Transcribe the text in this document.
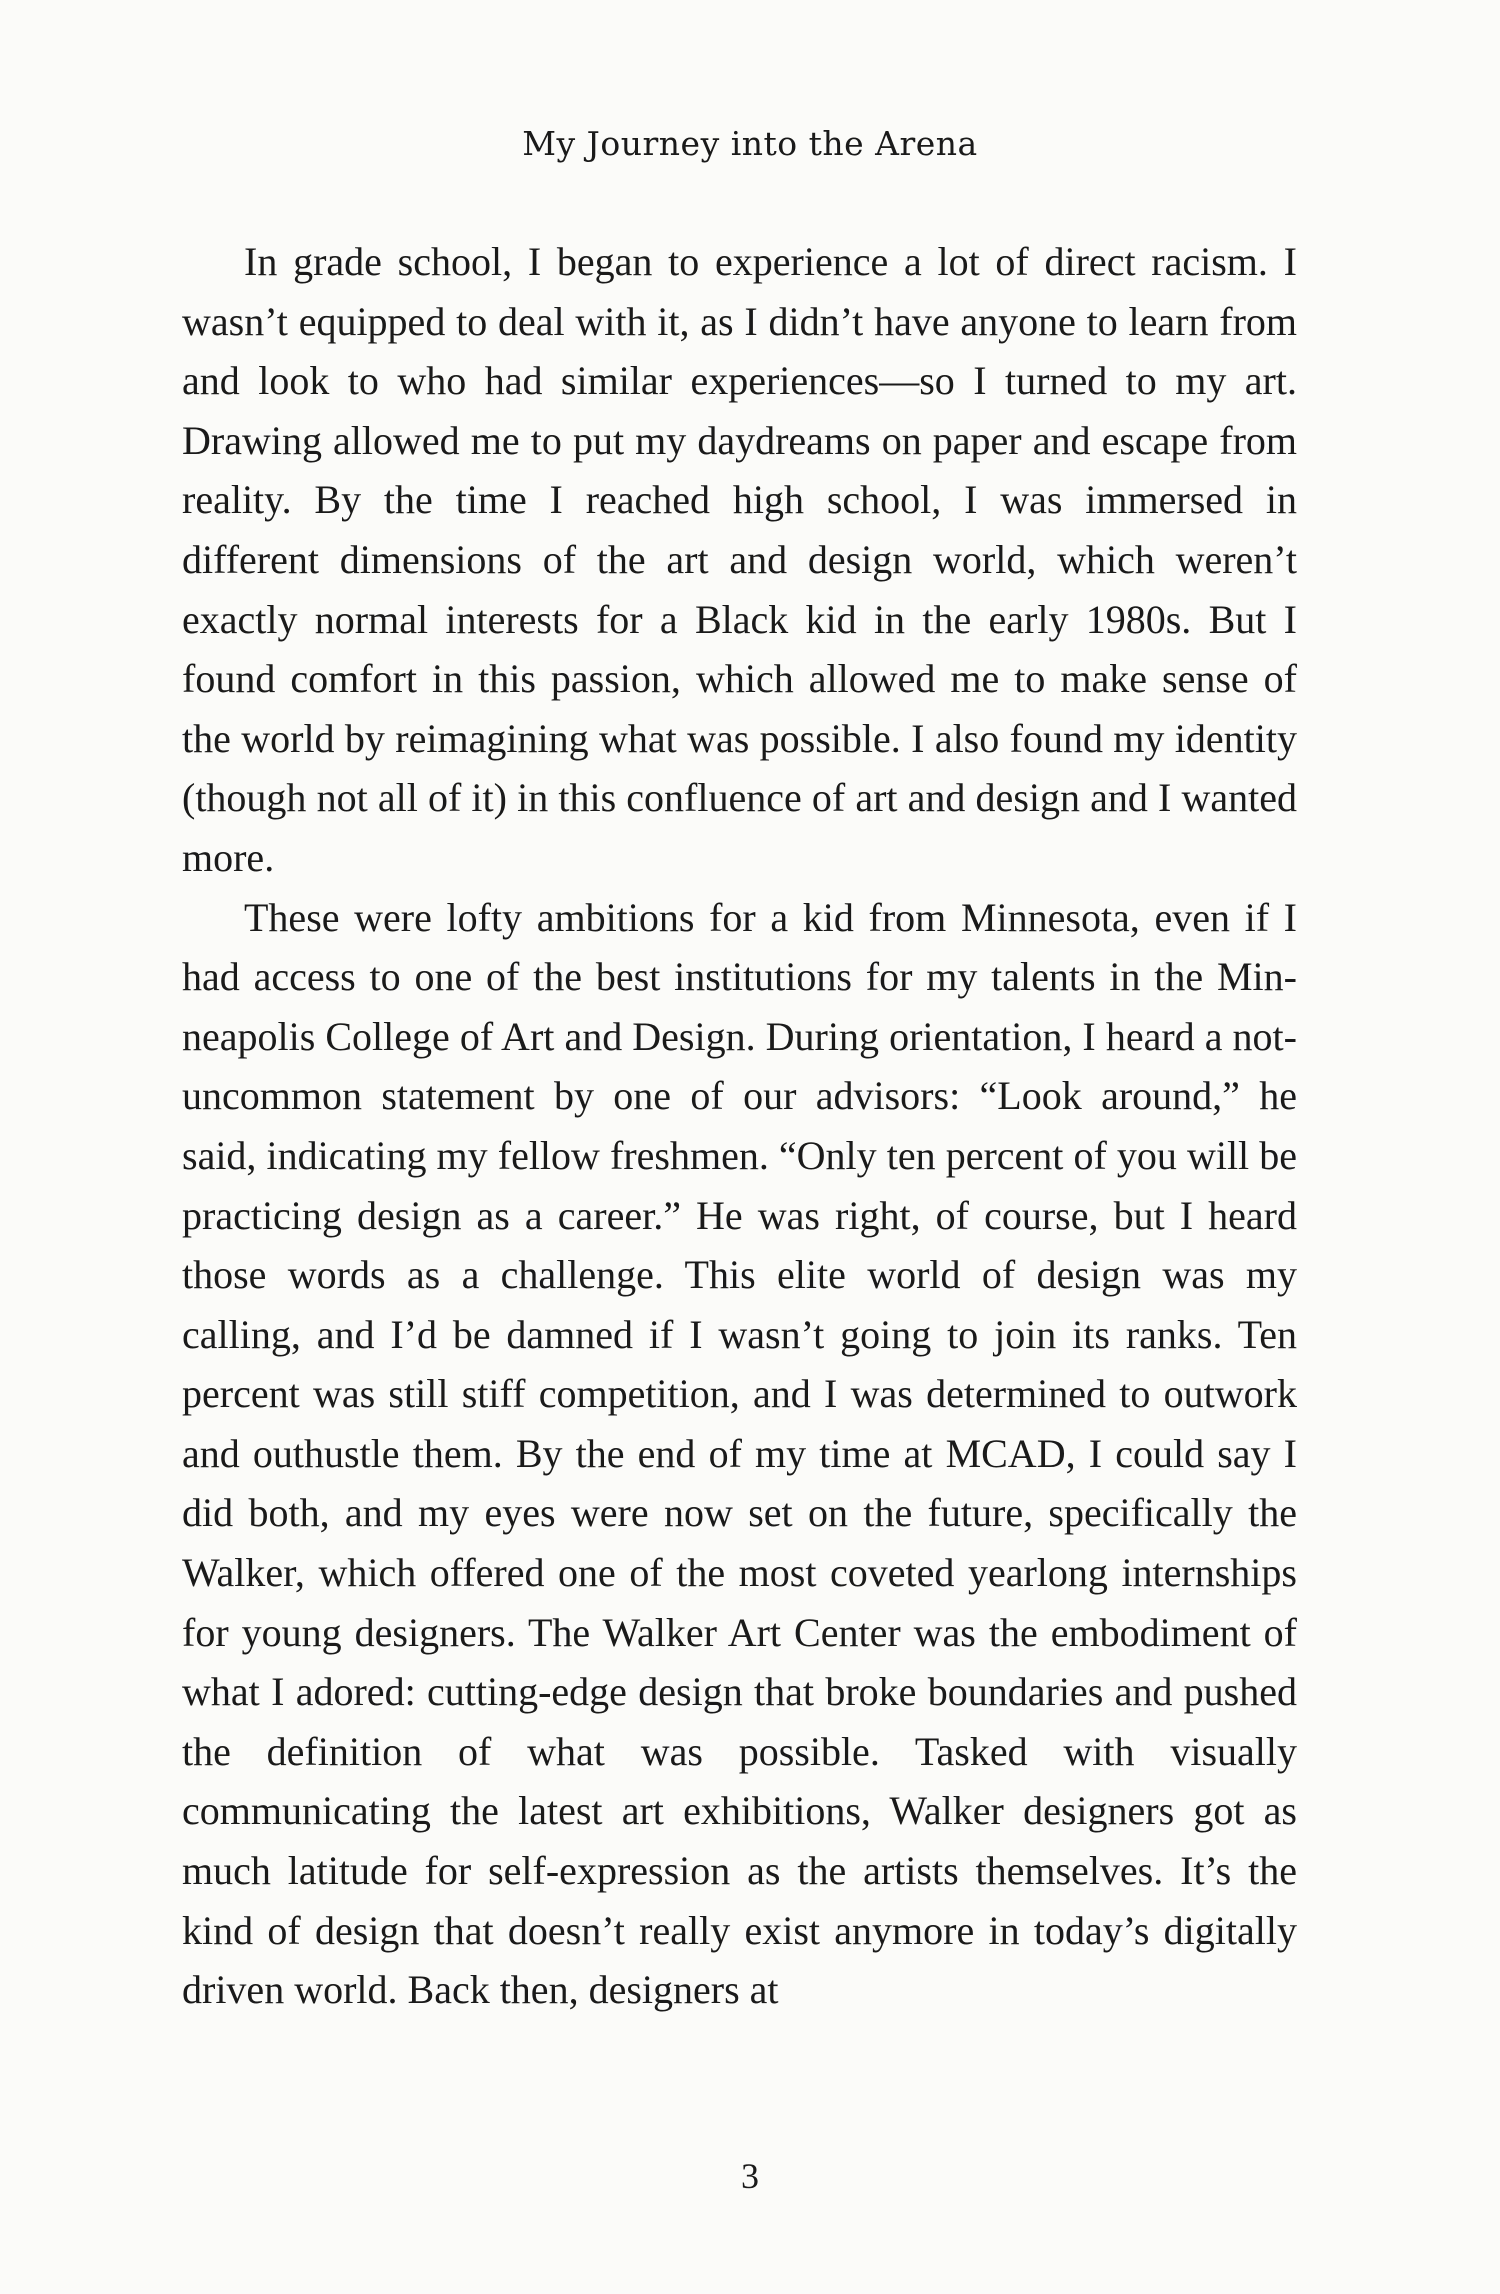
My Journey into the Arena

In grade school, I began to experience a lot of direct racism. I wasn’t equipped to deal with it, as I didn’t have anyone to learn from and look to who had similar experiences—so I turned to my art. Drawing allowed me to put my daydreams on paper and escape from reality. By the time I reached high school, I was immersed in different dimensions of the art and design world, which weren’t exactly normal interests for a Black kid in the early 1980s. But I found comfort in this passion, which allowed me to make sense of the world by reimagining what was possible. I also found my identity (though not all of it) in this confluence of art and design and I wanted more.

These were lofty ambitions for a kid from Minnesota, even if I had access to one of the best institutions for my talents in the Minneapolis College of Art and Design. During orientation, I heard a not-uncommon statement by one of our advisors: “Look around,” he said, indicating my fellow freshmen. “Only ten percent of you will be practicing design as a career.” He was right, of course, but I heard those words as a challenge. This elite world of design was my calling, and I’d be damned if I wasn’t going to join its ranks. Ten percent was still stiff competition, and I was determined to outwork and outhustle them. By the end of my time at MCAD, I could say I did both, and my eyes were now set on the future, specifically the Walker, which offered one of the most coveted yearlong internships for young designers. The Walker Art Center was the embodiment of what I adored: cutting-edge design that broke boundaries and pushed the definition of what was possible. Tasked with visually communicating the latest art exhibitions, Walker designers got as much latitude for self-expression as the artists themselves. It’s the kind of design that doesn’t really exist anymore in today’s digitally driven world. Back then, designers at

3
